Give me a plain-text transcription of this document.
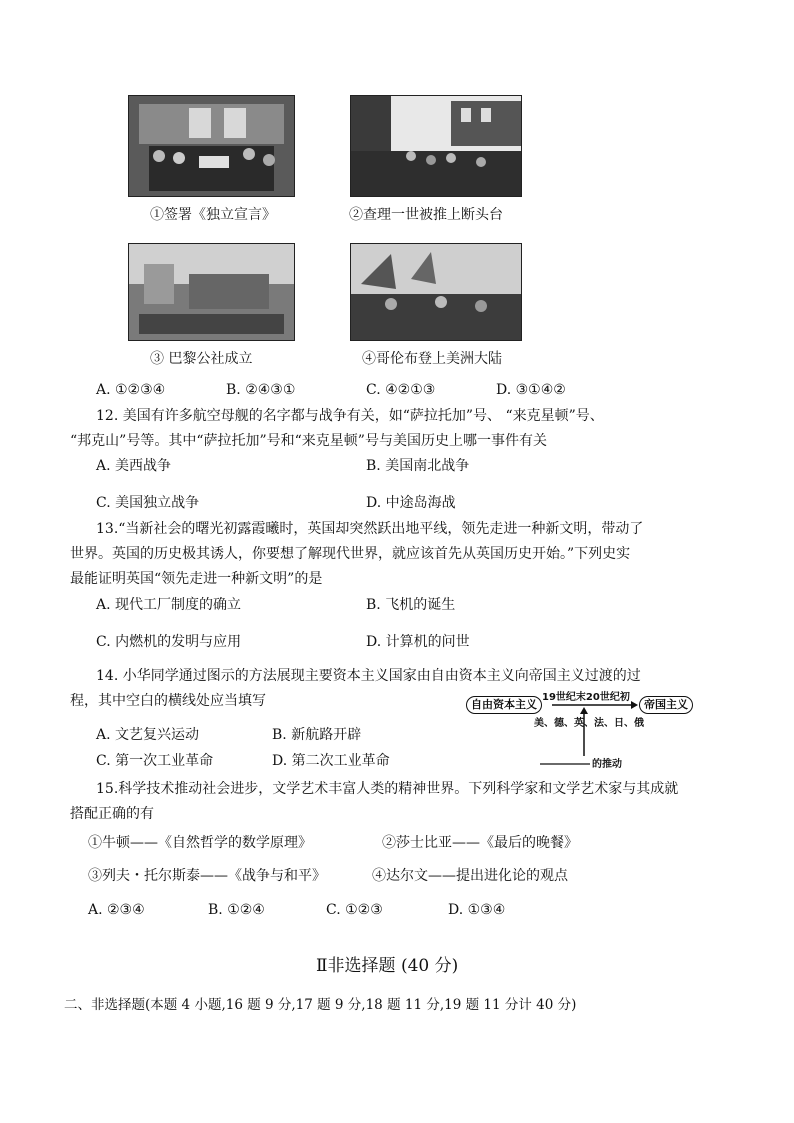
①签署《独立宣言》	②查理一世被推上断头台
③ 巴黎公社成立	④哥伦布登上美洲大陆
A. ①②③④	B. ②④③①	C. ④②①③	D. ③①④②
12. 美国有许多航空母舰的名字都与战争有关，如“萨拉托加”号、 “来克星顿”号、
“邦克山”号等。其中“萨拉托加”号和“来克星顿”号与美国历史上哪一事件有关
A. 美西战争	B. 美国南北战争
C. 美国独立战争	D. 中途岛海战
13.“当新社会的曙光初露霞曦时，英国却突然跃出地平线，领先走进一种新文明，带动了
世界。英国的历史极其诱人，你要想了解现代世界，就应该首先从英国历史开始。”下列史实
最能证明英国“领先走进一种新文明”的是
A. 现代工厂制度的确立	B. 飞机的诞生
C. 内燃机的发明与应用	D. 计算机的问世
14. 小华同学通过图示的方法展现主要资本主义国家由自由资本主义向帝国主义过渡的过
程，其中空白的横线处应当填写	自由资本主义	帝国主义
19世纪末20世纪初
美、德、英、法、日、俄
的推动
A. 文艺复兴运动	B. 新航路开辟
C. 第一次工业革命	D. 第二次工业革命
15.科学技术推动社会进步，文学艺术丰富人类的精神世界。下列科学家和文学艺术家与其成就
搭配正确的有
①牛顿——《自然哲学的数学原理》	②莎士比亚——《最后的晚餐》
③列夫・托尔斯泰——《战争与和平》	④达尔文——提出进化论的观点
A. ②③④	B. ①②④	C. ①②③	D. ①③④
Ⅱ非选择题 (40 分)
二、非选择题(本题 4 小题,16 题 9 分,17 题 9 分,18 题 11 分,19 题 11 分计 40 分)
